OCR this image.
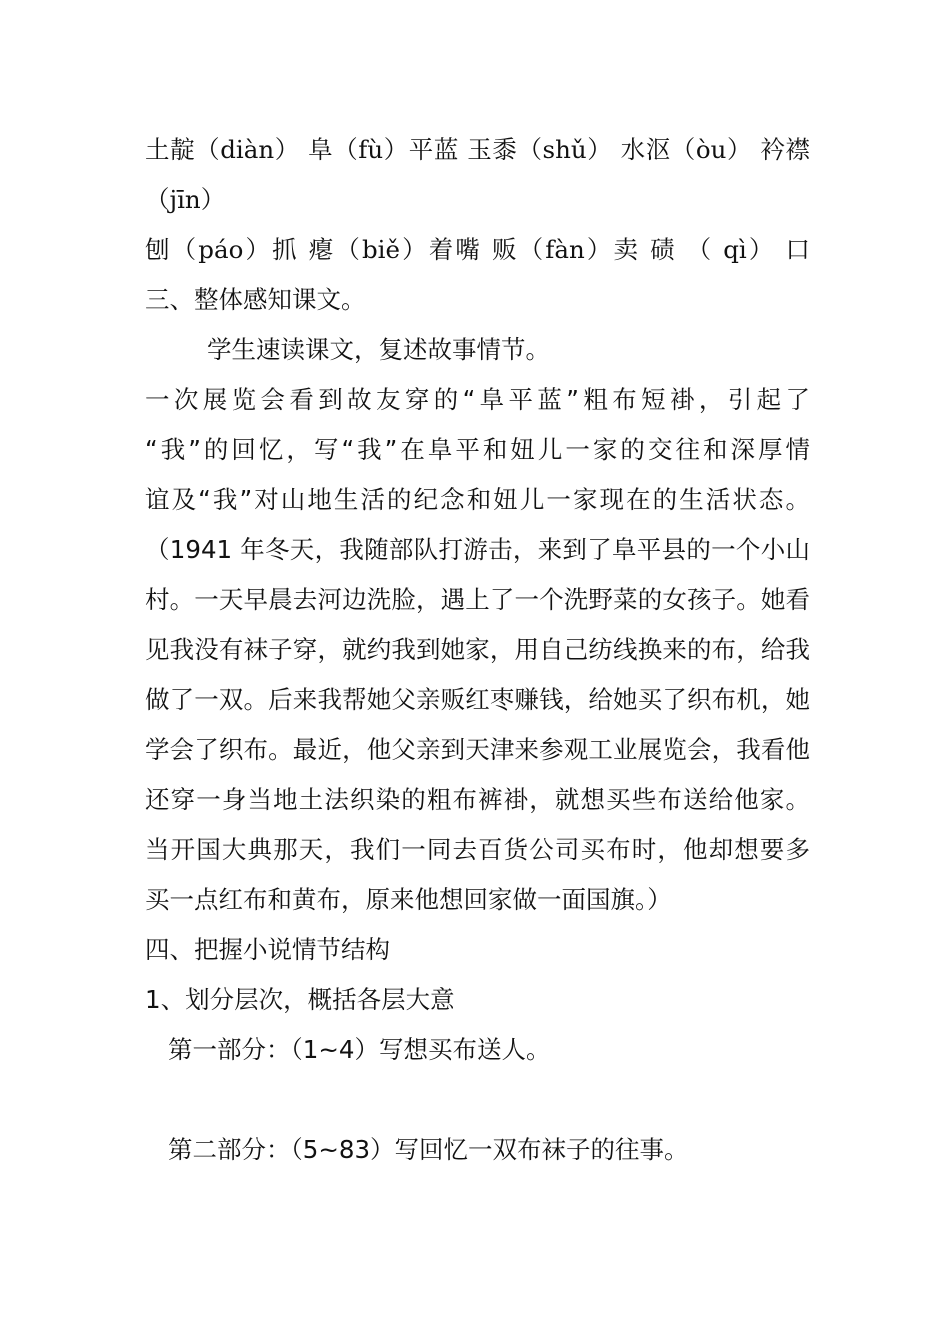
土靛（diàn） 阜（fù）平蓝 玉黍（shǔ） 水沤（òu） 衿襟
（jīn）
刨（páo）抓 瘪（biě）着嘴 贩（fàn）卖 碛 （ qì） 口
三、整体感知课文。
学生速读课文，复述故事情节。
一次展览会看到故友穿的“阜平蓝”粗布短褂，引起了
“我”的回忆，写“我”在阜平和妞儿一家的交往和深厚情
谊及“我”对山地生活的纪念和妞儿一家现在的生活状态。
（1941 年冬天，我随部队打游击，来到了阜平县的一个小山
村。一天早晨去河边洗脸，遇上了一个洗野菜的女孩子。她看
见我没有袜子穿，就约我到她家，用自己纺线换来的布，给我
做了一双。后来我帮她父亲贩红枣赚钱，给她买了织布机，她
学会了织布。最近，他父亲到天津来参观工业展览会，我看他
还穿一身当地土法织染的粗布裤褂，就想买些布送给他家。
当开国大典那天，我们一同去百货公司买布时，他却想要多
买一点红布和黄布，原来他想回家做一面国旗。）
四、把握小说情节结构
1、划分层次，概括各层大意
第一部分：（1~4）写想买布送人。
第二部分：（5~83）写回忆一双布袜子的往事。
